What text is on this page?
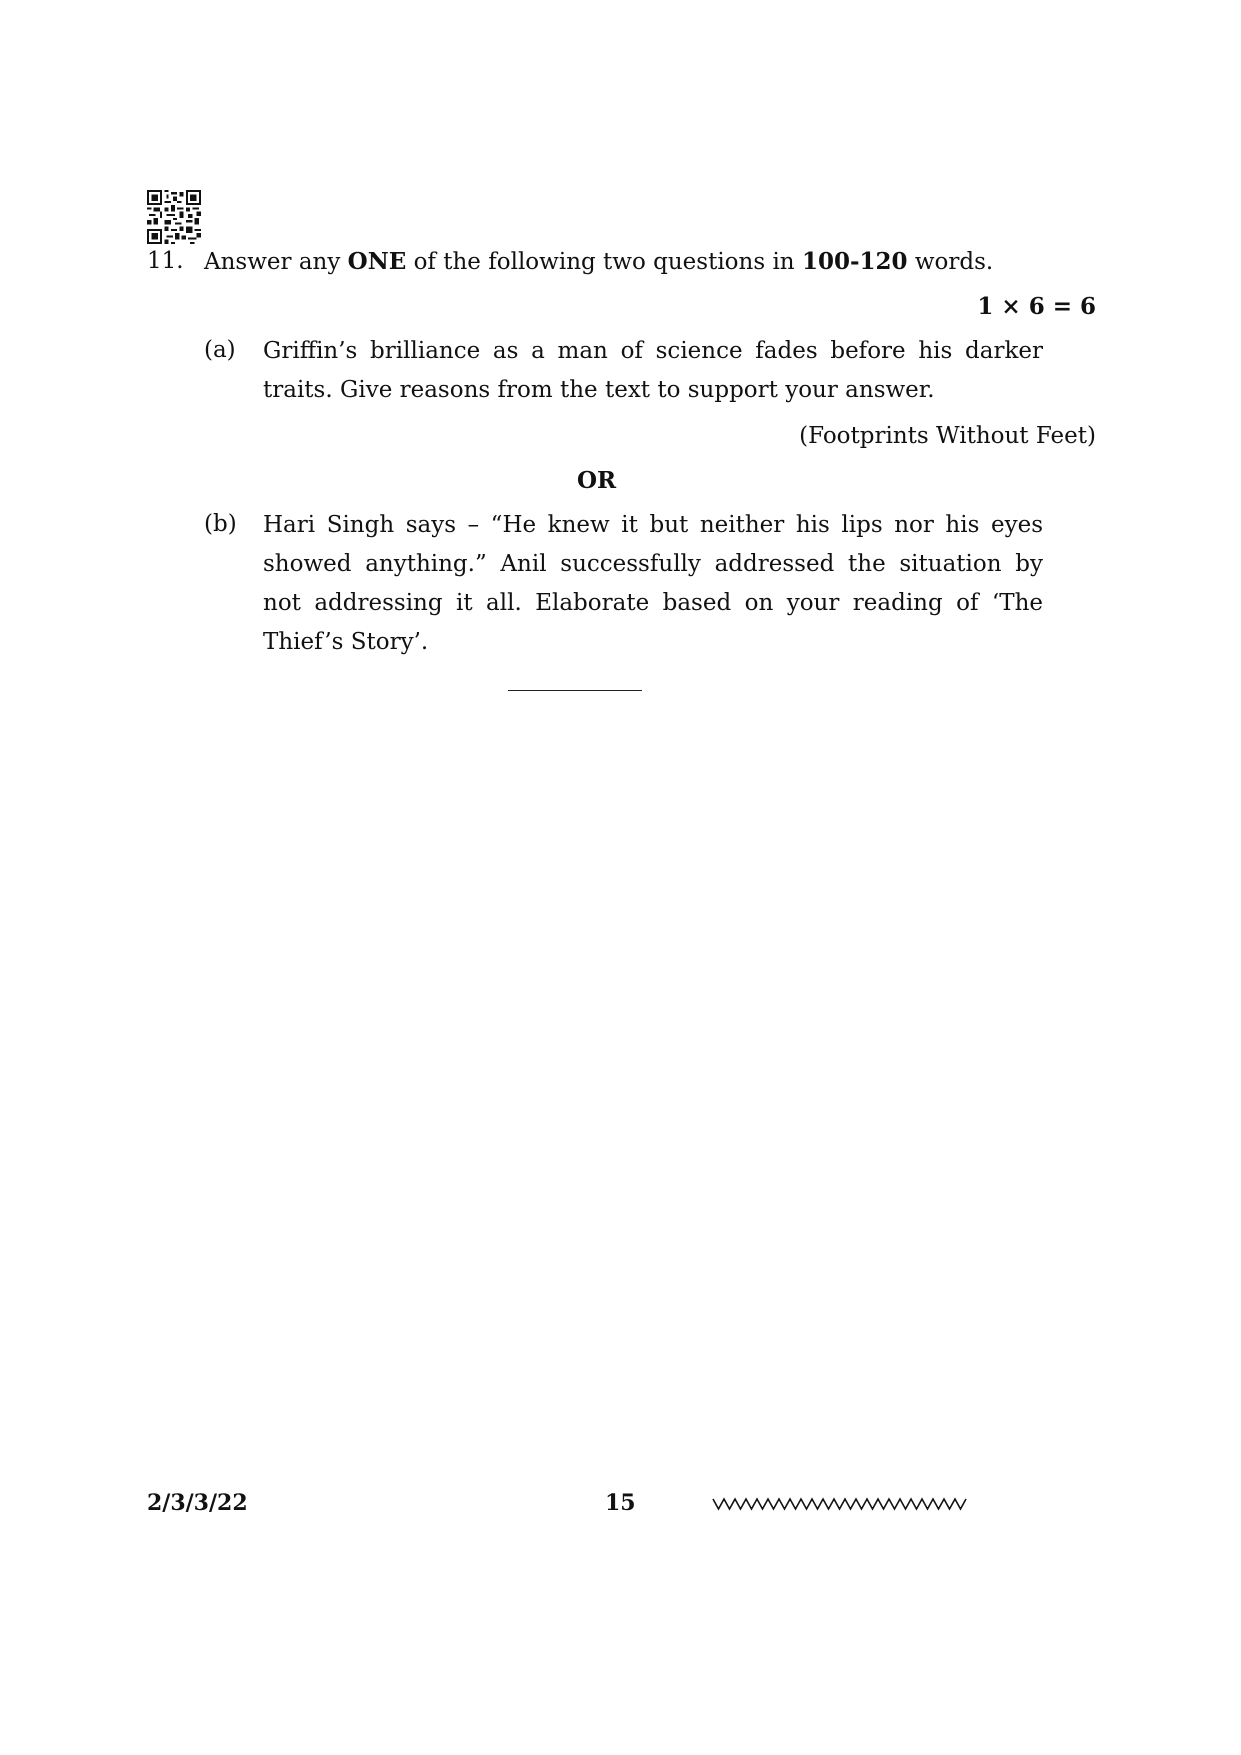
11. Answer any ONE of the following two questions in 100-120 words.
1 × 6 = 6
(a) Griffin’s brilliance as a man of science fades before his darker traits. Give reasons from the text to support your answer.
(Footprints Without Feet)
OR
(b) Hari Singh says – “He knew it but neither his lips nor his eyes showed anything.” Anil successfully addressed the situation by not addressing it all. Elaborate based on your reading of ‘The Thief’s Story’.
2/3/3/22	15
